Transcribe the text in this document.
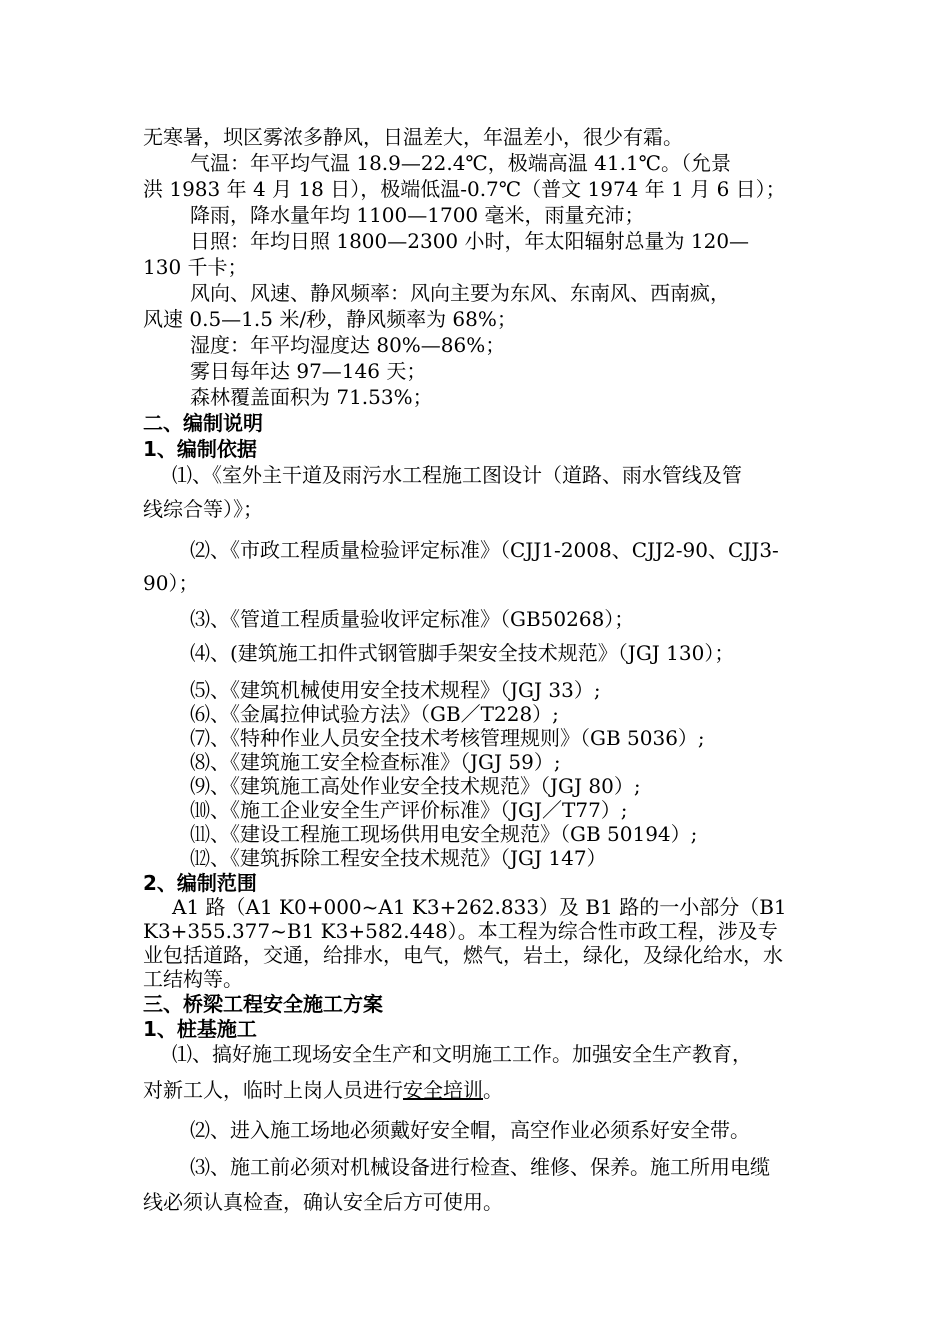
无寒暑，坝区雾浓多静风，日温差大，年温差小，很少有霜。
气温：年平均气温 18.9—22.4℃，极端高温 41.1℃。（允景
洪 1983 年 4 月 18 日），极端低温-0.7℃（普文 1974 年 1 月 6 日）；
降雨，降水量年均 1100—1700 毫米，雨量充沛；
日照：年均日照 1800—2300 小时，年太阳辐射总量为 120—
130 千卡；
风向、风速、静风频率：风向主要为东风、东南风、西南疯，
风速 0.5—1.5 米/秒，静风频率为 68%；
湿度：年平均湿度达 80%—86%；
雾日每年达 97—146 天；
森林覆盖面积为 71.53%；
二、编制说明
1、编制依据
⑴、《室外主干道及雨污水工程施工图设计（道路、雨水管线及管
线综合等）》；
⑵、《市政工程质量检验评定标准》（CJJ1-2008、CJJ2-90、CJJ3-
90）；
⑶、《管道工程质量验收评定标准》（GB50268）；
⑷、(建筑施工扣件式钢管脚手架安全技术规范》（JGJ 130）；
⑸、《建筑机械使用安全技术规程》（JGJ 33）;
⑹、《金属拉伸试验方法》（GB／T228）;
⑺、《特种作业人员安全技术考核管理规则》（GB 5036）;
⑻、《建筑施工安全检查标准》（JGJ 59）;
⑼、《建筑施工高处作业安全技术规范》（JGJ 80）;
⑽、《施工企业安全生产评价标准》（JGJ／T77）;
⑾、《建设工程施工现场供用电安全规范》（GB 50194）;
⑿、《建筑拆除工程安全技术规范》（JGJ 147）
2、编制范围
A1 路（A1 K0+000~A1 K3+262.833）及 B1 路的一小部分（B1
K3+355.377~B1 K3+582.448）。本工程为综合性市政工程，涉及专
业包括道路，交通，给排水，电气，燃气，岩土，绿化，及绿化给水，水
工结构等。
三、桥梁工程安全施工方案
1、桩基施工
⑴、搞好施工现场安全生产和文明施工工作。加强安全生产教育，
对新工人，临时上岗人员进行安全培训。
⑵、进入施工场地必须戴好安全帽，高空作业必须系好安全带。
⑶、施工前必须对机械设备进行检查、维修、保养。施工所用电缆
线必须认真检查，确认安全后方可使用。
